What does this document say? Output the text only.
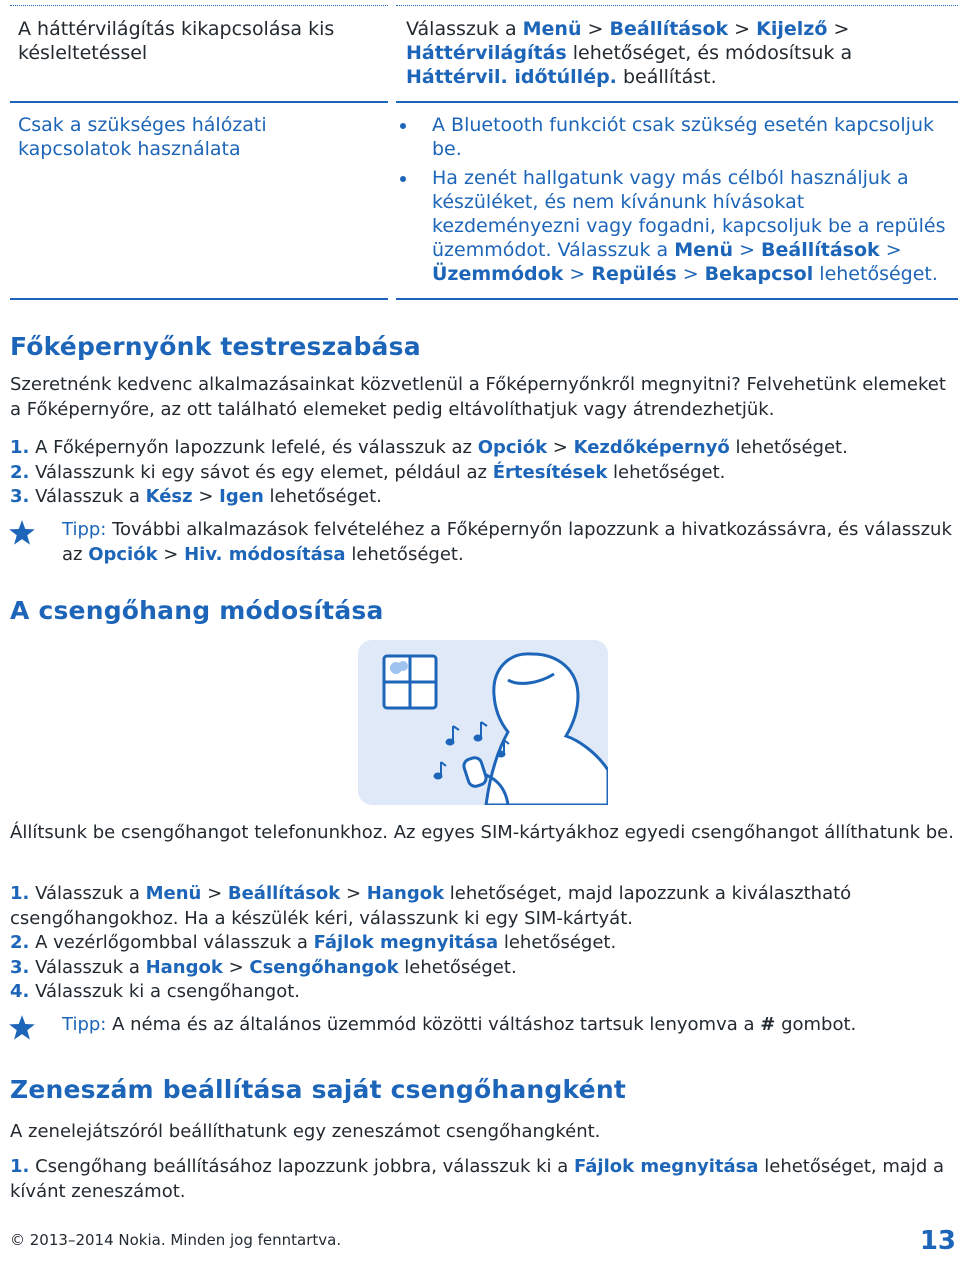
A háttérvilágítás kikapcsolása kis késleltetéssel
Válasszuk a Menü > Beállítások > Kijelző > Háttérvilágítás lehetőséget, és módosítsuk a Háttérvil. időtúllép. beállítást.
Csak a szükséges hálózati kapcsolatok használata
A Bluetooth funkciót csak szükség esetén kapcsoljuk be.
Ha zenét hallgatunk vagy más célból használjuk a készüléket, és nem kívánunk hívásokat kezdeményezni vagy fogadni, kapcsoljuk be a repülés üzemmódot. Válasszuk a Menü > Beállítások > Üzemmódok > Repülés > Bekapcsol lehetőséget.
Főképernyőnk testreszabása
Szeretnénk kedvenc alkalmazásainkat közvetlenül a Főképernyőnkről megnyitni? Felvehetünk elemeket a Főképernyőre, az ott található elemeket pedig eltávolíthatjuk vagy átrendezhetjük.
1. A Főképernyőn lapozzunk lefelé, és válasszuk az Opciók > Kezdőképernyő lehetőséget.
2. Válasszunk ki egy sávot és egy elemet, például az Értesítések lehetőséget.
3. Válasszuk a Kész > Igen lehetőséget.
Tipp: További alkalmazások felvételéhez a Főképernyőn lapozzunk a hivatkozássávra, és válasszuk az Opciók > Hiv. módosítása lehetőséget.
A csengőhang módosítása
Állítsunk be csengőhangot telefonunkhoz. Az egyes SIM-kártyákhoz egyedi csengőhangot állíthatunk be.
1. Válasszuk a Menü > Beállítások > Hangok lehetőséget, majd lapozzunk a kiválasztható csengőhangokhoz. Ha a készülék kéri, válasszunk ki egy SIM-kártyát.
2. A vezérlőgombbal válasszuk a Fájlok megnyitása lehetőséget.
3. Válasszuk a Hangok > Csengőhangok lehetőséget.
4. Válasszuk ki a csengőhangot.
Tipp: A néma és az általános üzemmód közötti váltáshoz tartsuk lenyomva a # gombot.
Zeneszám beállítása saját csengőhangként
A zenelejátszóról beállíthatunk egy zeneszámot csengőhangként.
1. Csengőhang beállításához lapozzunk jobbra, válasszuk ki a Fájlok megnyitása lehetőséget, majd a kívánt zeneszámot.
© 2013–2014 Nokia. Minden jog fenntartva.	13
